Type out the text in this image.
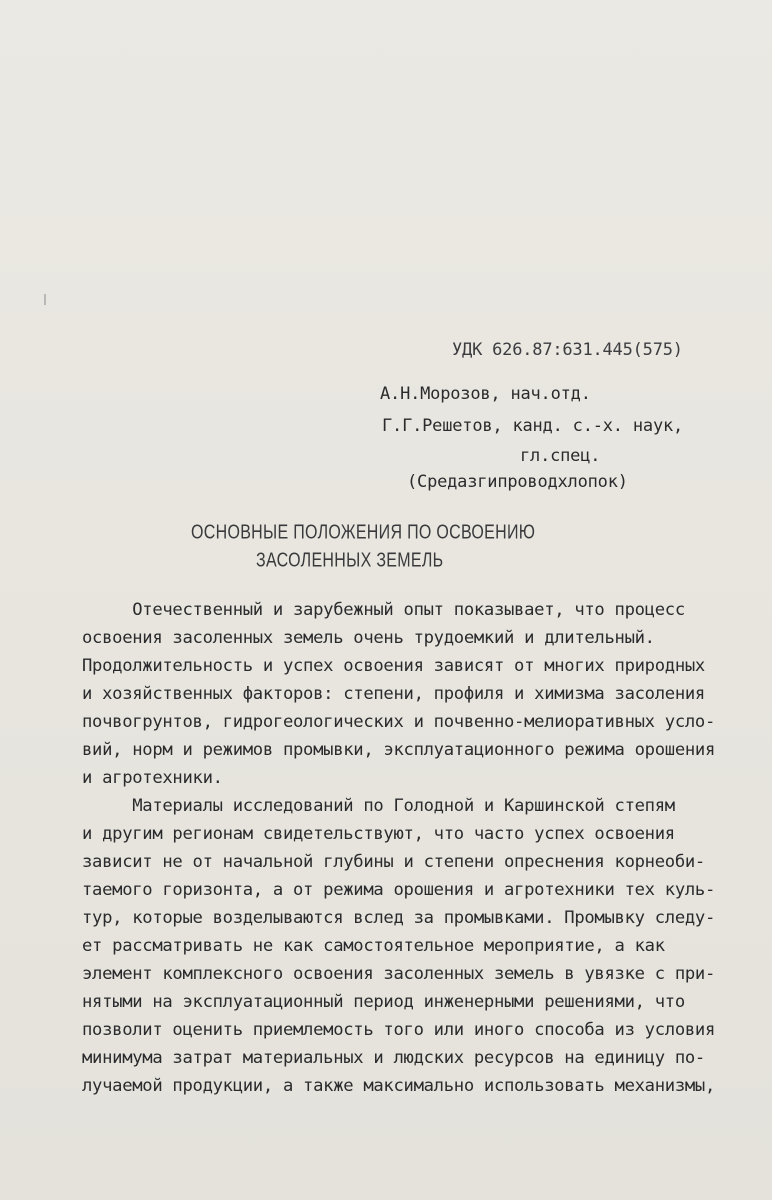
УДК 626.87:631.445(575)

А.Н.Морозов, нач.отд.

Г.Г.Решетов, канд. с.-х. наук,

гл.спец.

(Средазгипроводхлопок)

ОСНОВНЫЕ ПОЛОЖЕНИЯ ПО ОСВОЕНИЮ

ЗАСОЛЕННЫХ ЗЕМЕЛЬ

Отечественный и зарубежный опыт показывает, что процесс

освоения засоленных земель очень трудоемкий и длительный.

Продолжительность и успех освоения зависят от многих природных

и хозяйственных факторов: степени, профиля и химизма засоления

почвогрунтов, гидрогеологических и почвенно-мелиоративных усло-

вий, норм и режимов промывки, эксплуатационного режима орошения

и агротехники.

Материалы исследований по Голодной и Каршинской степям

и другим регионам свидетельствуют, что часто успех освоения

зависит не от начальной глубины и степени опреснения корнеоби-

таемого горизонта, а от режима орошения и агротехники тех куль-

тур, которые возделываются вслед за промывками. Промывку следу-

ет рассматривать не как самостоятельное мероприятие, а как

элемент комплексного освоения засоленных земель в увязке с при-

нятыми на эксплуатационный период инженерными решениями, что

позволит оценить приемлемость того или иного способа из условия

минимума затрат материальных и людских ресурсов на единицу по-

лучаемой продукции, а также максимально использовать механизмы,
